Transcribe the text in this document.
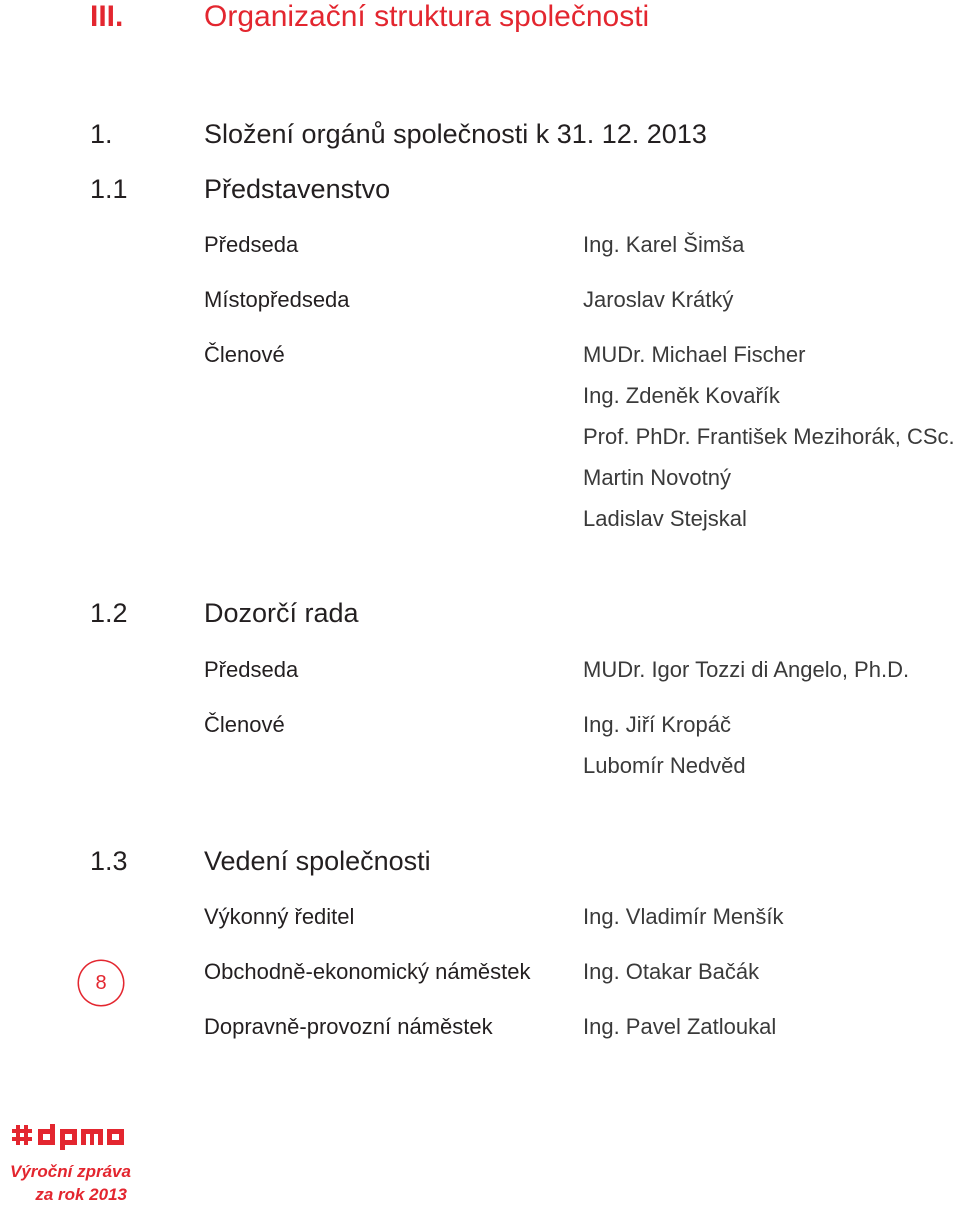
III.	Organizační struktura společnosti
1.	Složení orgánů společnosti k 31. 12. 2013
1.1	Představenstvo
Předseda	Ing. Karel Šimša
Místopředseda	Jaroslav Krátký
Členové	MUDr. Michael Fischer
Ing. Zdeněk Kovařík
Prof. PhDr. František Mezihorák, CSc.
Martin Novotný
Ladislav Stejskal
1.2	Dozorčí rada
Předseda	MUDr. Igor Tozzi di Angelo, Ph.D.
Členové	Ing. Jiří Kropáč
Lubomír Nedvěd
1.3	Vedení společnosti
Výkonný ředitel	Ing. Vladimír Menšík
Obchodně-ekonomický náměstek Ing. Otakar Bačák
Dopravně-provozní náměstek	Ing. Pavel Zatloukal
8
Výroční zpráva
za rok 2013
